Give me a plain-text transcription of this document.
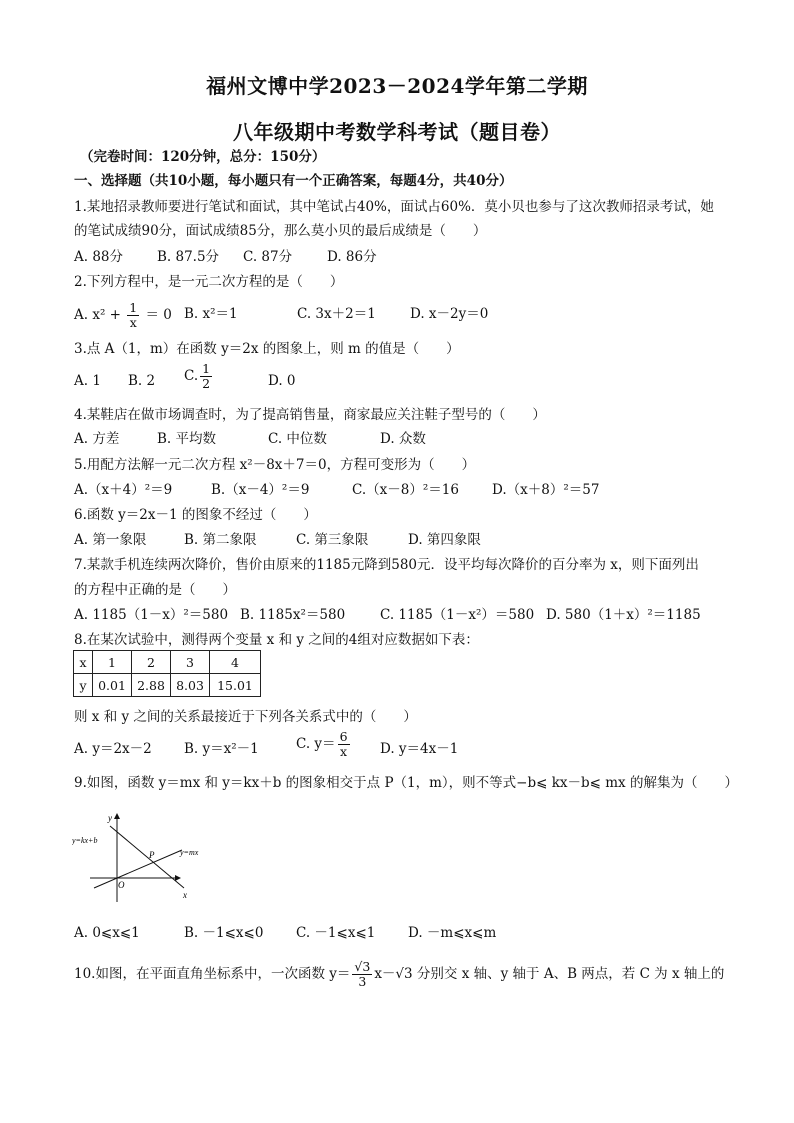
福州文博中学2023－2024学年第二学期
八年级期中考数学科考试（题目卷）
（完卷时间：120分钟，总分：150分）
一、选择题（共10小题，每小题只有一个正确答案，每题4分，共40分）
1.某地招录教师要进行笔试和面试，其中笔试占40%，面试占60%．莫小贝也参与了这次教师招录考试，她
的笔试成绩90分，面试成绩85分，那么莫小贝的最后成绩是（　　）
A. 88分	B. 87.5分 C. 87分	D. 86分
2.下列方程中，是一元二次方程的是（　　）
A. $x^2 + \frac{1}{x} = 0$ B. x²＝1	C. 3x＋2＝1	D. x－2y＝0
3.点 A（1，m）在函数 y＝2x 的图象上，则 m 的值是（　　）
A. 1 B. 2 C. $\frac{1}{2}$	D. 0
4.某鞋店在做市场调查时，为了提高销售量，商家最应关注鞋子型号的（　　）
A. 方差	B. 平均数	C. 中位数	D. 众数
5.用配方法解一元二次方程 x²－8x＋7＝0，方程可变形为（　　）
A.（x＋4）²＝9	B.（x－4）²＝9	C.（x－8）²＝16 D.（x＋8）²＝57
6.函数 y＝2x－1 的图象不经过（　　）
A. 第一象限	B. 第二象限	C. 第三象限	D. 第四象限
7.某款手机连续两次降价，售价由原来的1185元降到580元．设平均每次降价的百分率为 x，则下面列出
的方程中正确的是（　　）
A. 1185（1－x）²＝580 B. 1185x²＝580	C. 1185（1－x²）＝580 D. 580（1＋x）²＝1185
8.在某次试验中，测得两个变量 x 和 y 之间的4组对应数据如下表：
x	1	2	3	4
y	0.01	2.88	8.03	15.01
则 x 和 y 之间的关系最接近于下列各关系式中的（　　）
A. y＝2x－2 B. y＝x²－1	C. $y= \frac{6}{x} D$. y＝4x－1
9.如图，函数 y＝mx 和 y＝kx＋b 的图象相交于点 P（1，m），则不等式−b⩽ kx－b⩽ mx 的解集为（　　）
y
x
O
P
y=kx+b
y=mx
A. 0⩽x⩽1	B. －1⩽x⩽0 C. －1⩽x⩽1 D. －m⩽x⩽m
10.如图，在平面直角坐标系中，一次函数 $y= \frac{√3}{3} x-√3$ 分别交 x 轴、y 轴于 A、B 两点，若 C 为 x 轴上的
